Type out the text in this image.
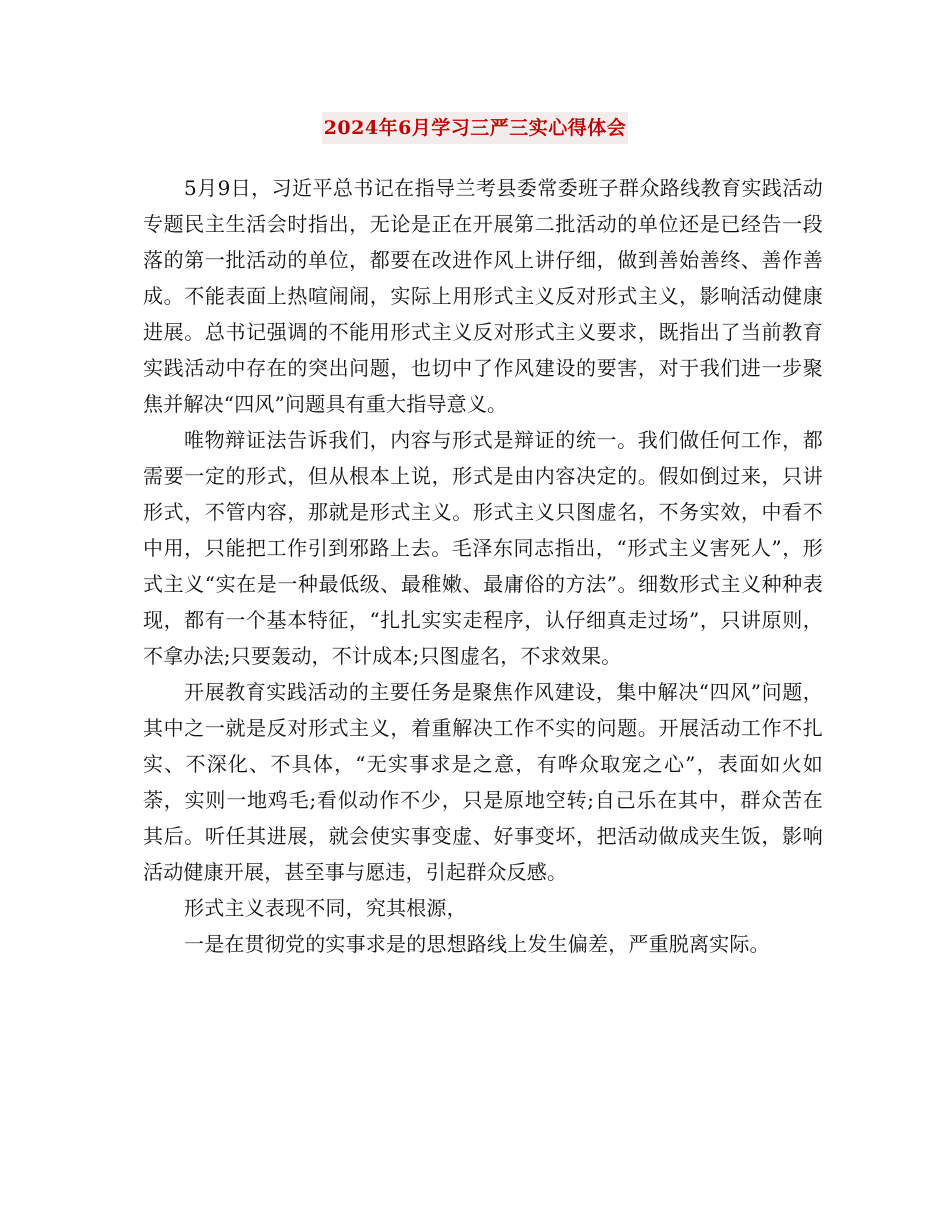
2024年6月学习三严三实心得体会

5月9日，习近平总书记在指导兰考县委常委班子群众路线教育实践活动专题民主生活会时指出，无论是正在开展第二批活动的单位还是已经告一段落的第一批活动的单位，都要在改进作风上讲仔细，做到善始善终、善作善成。不能表面上热喧闹闹，实际上用形式主义反对形式主义，影响活动健康进展。总书记强调的不能用形式主义反对形式主义要求，既指出了当前教育实践活动中存在的突出问题，也切中了作风建设的要害，对于我们进一步聚焦并解决“四风”问题具有重大指导意义。

唯物辩证法告诉我们，内容与形式是辩证的统一。我们做任何工作，都需要一定的形式，但从根本上说，形式是由内容决定的。假如倒过来，只讲形式，不管内容，那就是形式主义。形式主义只图虚名，不务实效，中看不中用，只能把工作引到邪路上去。毛泽东同志指出，“形式主义害死人”，形式主义“实在是一种最低级、最稚嫩、最庸俗的方法”。细数形式主义种种表现，都有一个基本特征，“扎扎实实走程序，认仔细真走过场”，只讲原则，不拿办法;只要轰动，不计成本;只图虚名，不求效果。

开展教育实践活动的主要任务是聚焦作风建设，集中解决“四风”问题，其中之一就是反对形式主义，着重解决工作不实的问题。开展活动工作不扎实、不深化、不具体，“无实事求是之意，有哗众取宠之心”，表面如火如荼，实则一地鸡毛;看似动作不少，只是原地空转;自己乐在其中，群众苦在其后。听任其进展，就会使实事变虚、好事变坏，把活动做成夹生饭，影响活动健康开展，甚至事与愿违，引起群众反感。

形式主义表现不同，究其根源，

一是在贯彻党的实事求是的思想路线上发生偏差，严重脱离实际。
